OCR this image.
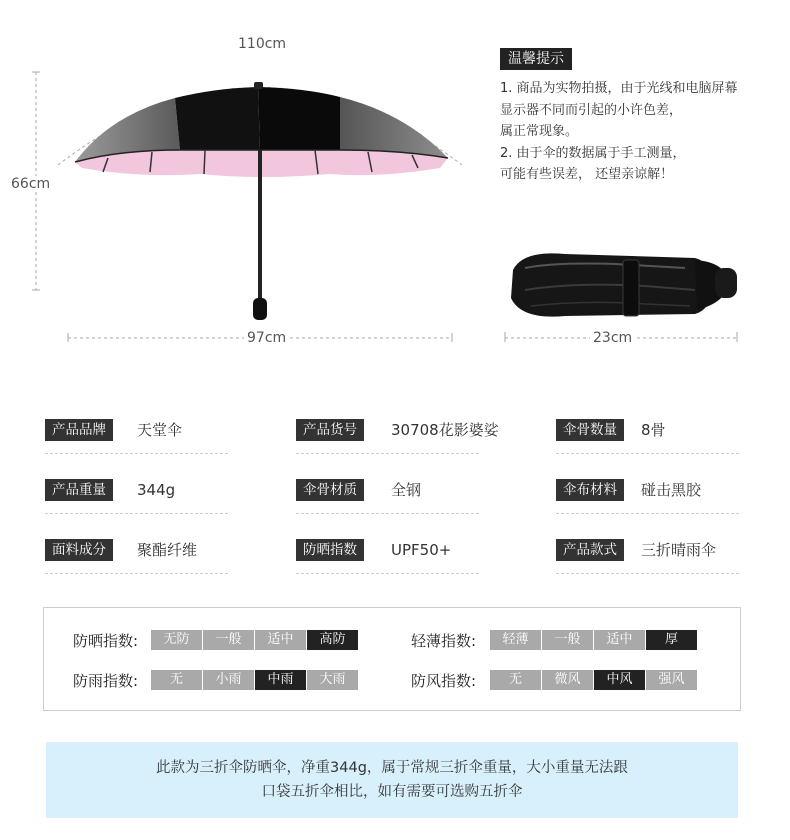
110cm
66cm
97cm	23cm
温馨提示
1. 商品为实物拍摄，由于光线和电脑屏幕
显示器不同而引起的小许色差，
属正常现象。
2. 由于伞的数据属于手工测量，
可能有些误差， 还望亲谅解！
产品品牌	天堂伞	产品货号	30708花影婆娑	伞骨数量	8骨
产品重量	344g	伞骨材质	全钢	伞布材料	碰击黑胶
面料成分	聚酯纤维	防晒指数	UPF50+	产品款式	三折晴雨伞
防晒指数:	无防	一般	适中	高防	轻薄指数:	轻薄	一般	适中	厚
防雨指数:	无	小雨	中雨	大雨	防风指数:	无	微风	中风	强风
此款为三折伞防晒伞，净重344g，属于常规三折伞重量，大小重量无法跟
口袋五折伞相比，如有需要可选购五折伞
